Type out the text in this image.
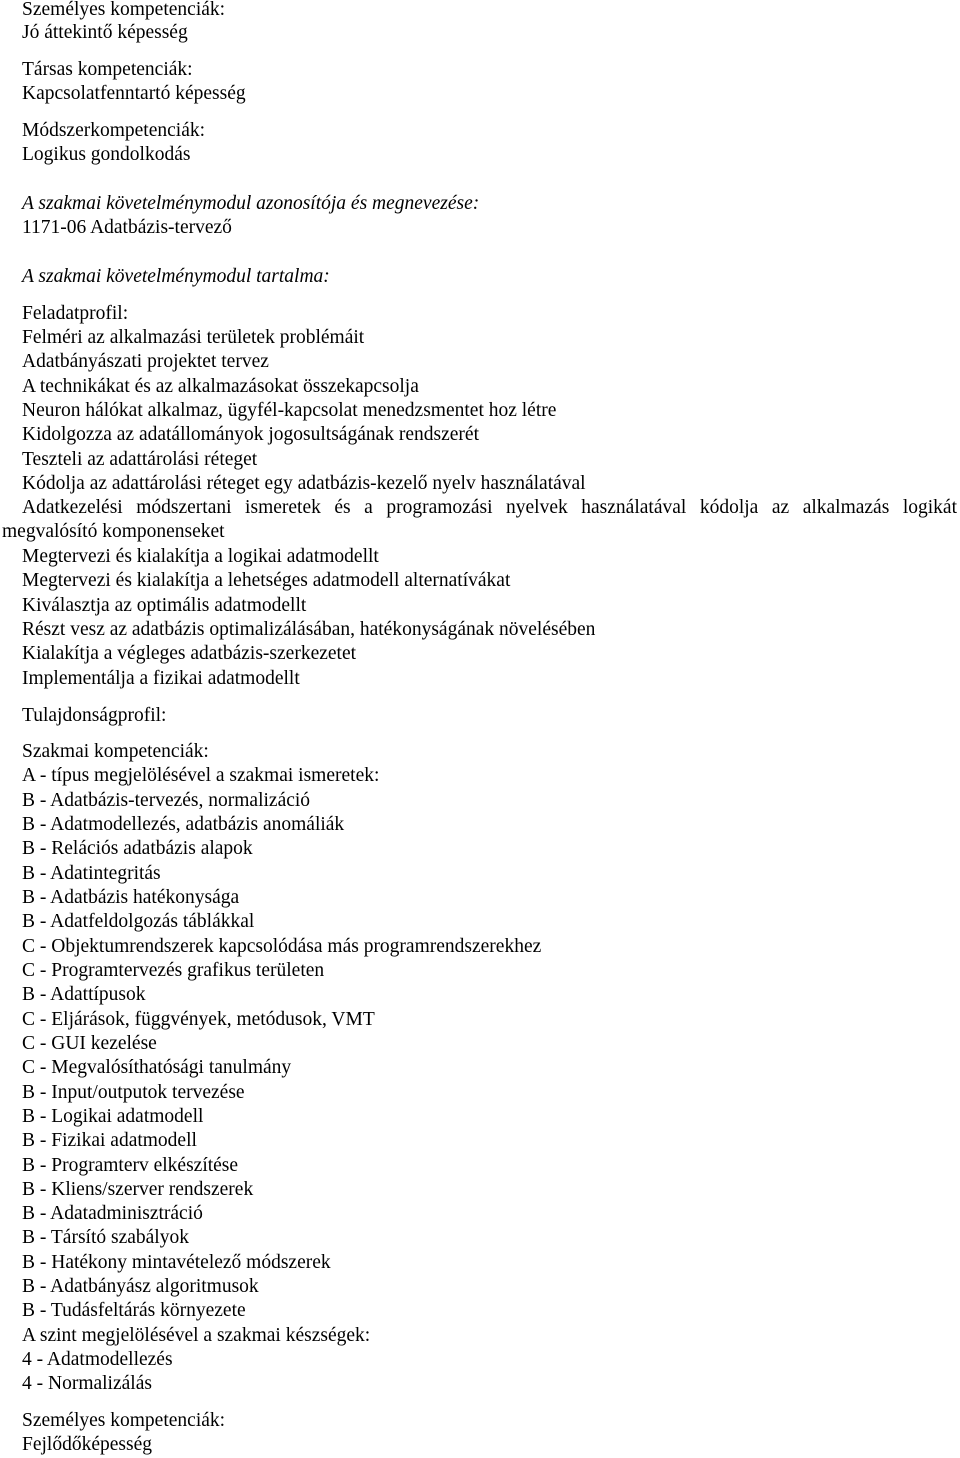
Személyes kompetenciák:
Jó áttekintő képesség
Társas kompetenciák:
Kapcsolatfenntartó képesség
Módszerkompetenciák:
Logikus gondolkodás
A szakmai követelménymodul azonosítója és megnevezése:
1171-06 Adatbázis-tervező
A szakmai követelménymodul tartalma:
Feladatprofil:
Felméri az alkalmazási területek problémáit
Adatbányászati projektet tervez
A technikákat és az alkalmazásokat összekapcsolja
Neuron hálókat alkalmaz, ügyfél-kapcsolat menedzsmentet hoz létre
Kidolgozza az adatállományok jogosultságának rendszerét
Teszteli az adattárolási réteget
Kódolja az adattárolási réteget egy adatbázis-kezelő nyelv használatával
Adatkezelési módszertani ismeretek és a programozási nyelvek használatával kódolja az alkalmazás logikát
megvalósító komponenseket
Megtervezi és kialakítja a logikai adatmodellt
Megtervezi és kialakítja a lehetséges adatmodell alternatívákat
Kiválasztja az optimális adatmodellt
Részt vesz az adatbázis optimalizálásában, hatékonyságának növelésében
Kialakítja a végleges adatbázis-szerkezetet
Implementálja a fizikai adatmodellt
Tulajdonságprofil:
Szakmai kompetenciák:
A - típus megjelölésével a szakmai ismeretek:
B - Adatbázis-tervezés, normalizáció
B - Adatmodellezés, adatbázis anomáliák
B - Relációs adatbázis alapok
B - Adatintegritás
B - Adatbázis hatékonysága
B - Adatfeldolgozás táblákkal
C - Objektumrendszerek kapcsolódása más programrendszerekhez
C - Programtervezés grafikus területen
B - Adattípusok
C - Eljárások, függvények, metódusok, VMT
C - GUI kezelése
C - Megvalósíthatósági tanulmány
B - Input/outputok tervezése
B - Logikai adatmodell
B - Fizikai adatmodell
B - Programterv elkészítése
B - Kliens/szerver rendszerek
B - Adatadminisztráció
B - Társító szabályok
B - Hatékony mintavételező módszerek
B - Adatbányász algoritmusok
B - Tudásfeltárás környezete
A szint megjelölésével a szakmai készségek:
4 - Adatmodellezés
4 - Normalizálás
Személyes kompetenciák:
Fejlődőképesség
